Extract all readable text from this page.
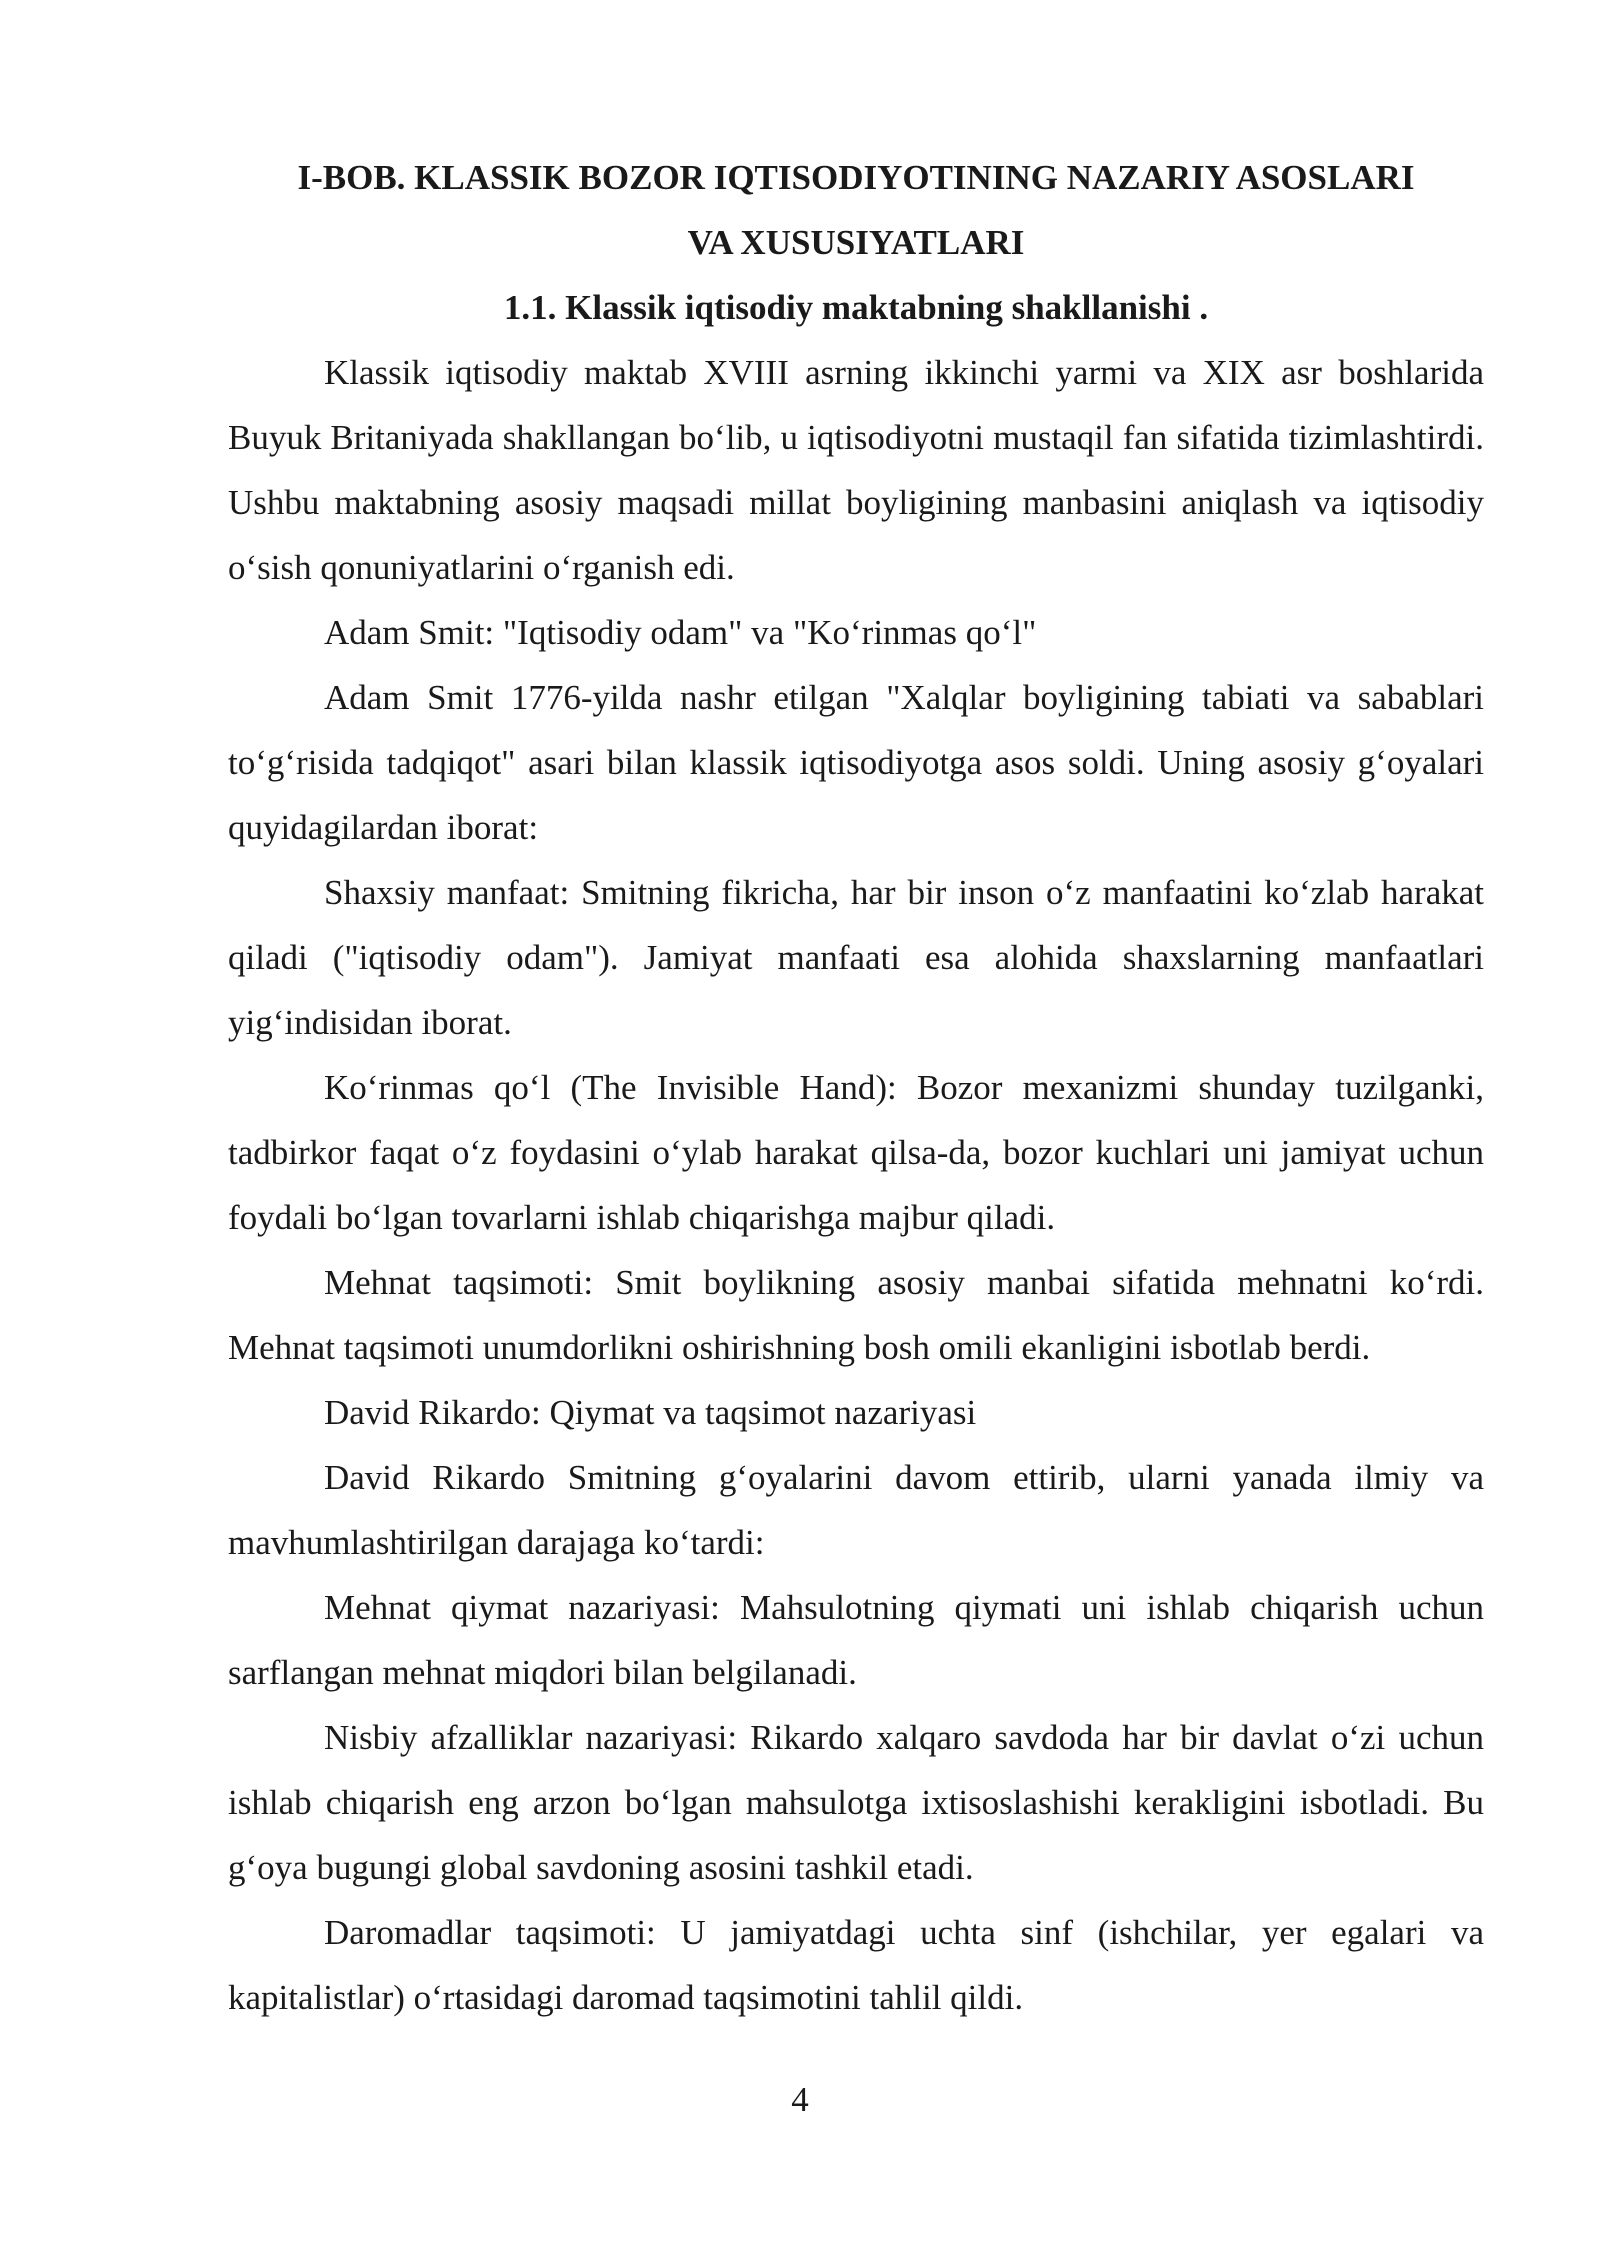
I-BOB. KLASSIK BOZOR IQTISODIYOTINING NAZARIY ASOSLARI
VA XUSUSIYATLARI
1.1. Klassik iqtisodiy maktabning shakllanishi .

Klassik iqtisodiy maktab XVIII asrning ikkinchi yarmi va XIX asr boshlarida Buyuk Britaniyada shakllangan bo‘lib, u iqtisodiyotni mustaqil fan sifatida tizimlashtirdi. Ushbu maktabning asosiy maqsadi millat boyligining manbasini aniqlash va iqtisodiy o‘sish qonuniyatlarini o‘rganish edi.

Adam Smit: "Iqtisodiy odam" va "Ko‘rinmas qo‘l"

Adam Smit 1776-yilda nashr etilgan "Xalqlar boyligining tabiati va sabablari to‘g‘risida tadqiqot" asari bilan klassik iqtisodiyotga asos soldi. Uning asosiy g‘oyalari quyidagilardan iborat:

Shaxsiy manfaat: Smitning fikricha, har bir inson o‘z manfaatini ko‘zlab harakat qiladi ("iqtisodiy odam"). Jamiyat manfaati esa alohida shaxslarning manfaatlari yig‘indisidan iborat.

Ko‘rinmas qo‘l (The Invisible Hand): Bozor mexanizmi shunday tuzilganki, tadbirkor faqat o‘z foydasini o‘ylab harakat qilsa-da, bozor kuchlari uni jamiyat uchun foydali bo‘lgan tovarlarni ishlab chiqarishga majbur qiladi.

Mehnat taqsimoti: Smit boylikning asosiy manbai sifatida mehnatni ko‘rdi. Mehnat taqsimoti unumdorlikni oshirishning bosh omili ekanligini isbotlab berdi.

David Rikardo: Qiymat va taqsimot nazariyasi

David Rikardo Smitning g‘oyalarini davom ettirib, ularni yanada ilmiy va mavhumlashtirilgan darajaga ko‘tardi:

Mehnat qiymat nazariyasi: Mahsulotning qiymati uni ishlab chiqarish uchun sarflangan mehnat miqdori bilan belgilanadi.

Nisbiy afzalliklar nazariyasi: Rikardo xalqaro savdoda har bir davlat o‘zi uchun ishlab chiqarish eng arzon bo‘lgan mahsulotga ixtisoslashishi kerakligini isbotladi. Bu g‘oya bugungi global savdoning asosini tashkil etadi.

Daromadlar taqsimoti: U jamiyatdagi uchta sinf (ishchilar, yer egalari va kapitalistlar) o‘rtasidagi daromad taqsimotini tahlil qildi.

4
